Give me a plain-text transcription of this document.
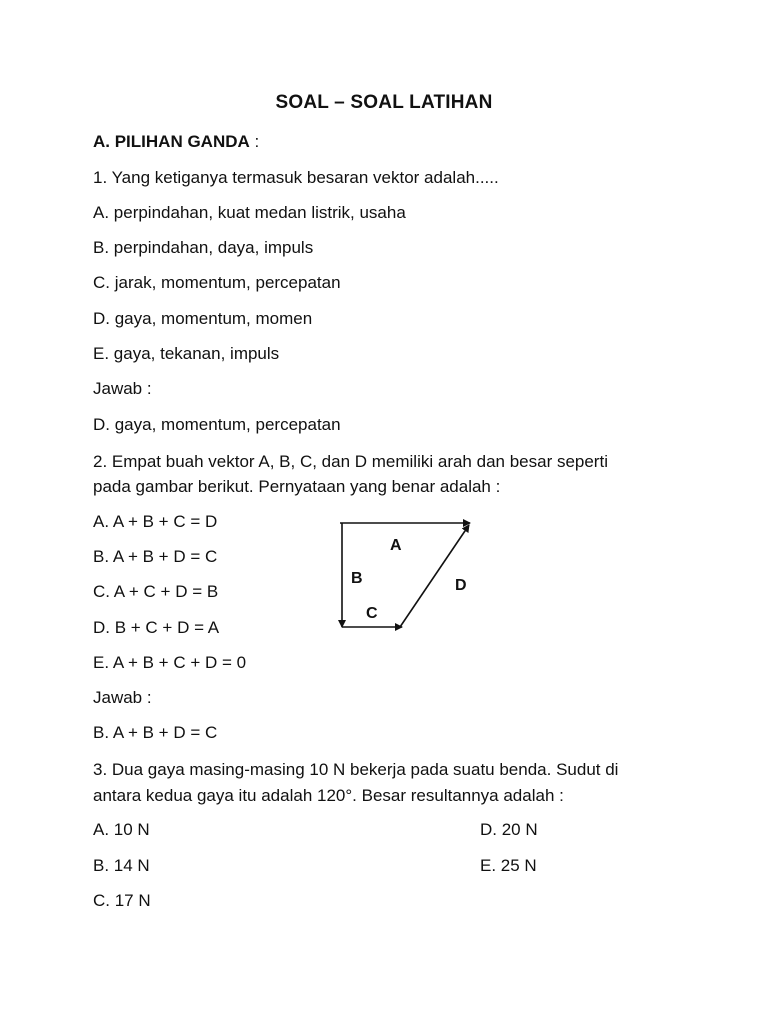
SOAL – SOAL LATIHAN
A. PILIHAN GANDA :
1. Yang ketiganya termasuk besaran vektor adalah.....
A. perpindahan, kuat medan listrik, usaha
B. perpindahan, daya, impuls
C. jarak, momentum, percepatan
D. gaya, momentum, momen
E. gaya, tekanan, impuls
Jawab :
D. gaya, momentum, percepatan
2. Empat buah vektor A, B, C, dan D memiliki arah dan besar seperti
pada gambar berikut. Pernyataan yang benar adalah :
A. A + B + C = D
B. A + B + D = C
C. A + C + D = B
D. B + C + D = A
E. A + B + C + D = 0
Jawab :
B. A + B + D = C
A
B
C
D
3. Dua gaya masing-masing 10 N bekerja pada suatu benda. Sudut di
antara kedua gaya itu adalah 120°. Besar resultannya adalah :
A. 10 N	D. 20 N
B. 14 N	E. 25 N
C. 17 N
